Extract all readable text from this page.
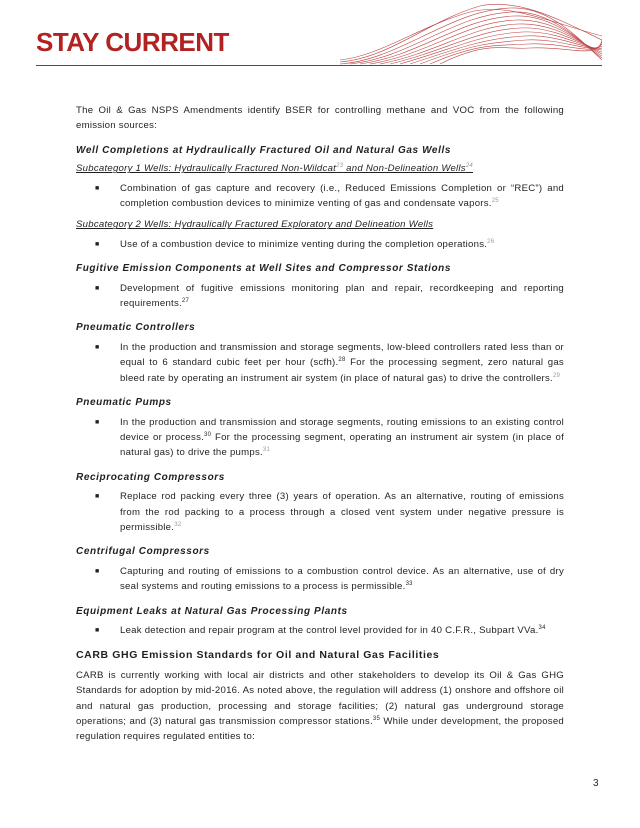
STAY CURRENT

The Oil & Gas NSPS Amendments identify BSER for controlling methane and VOC from the following emission sources:

Well Completions at Hydraulically Fractured Oil and Natural Gas Wells

Subcategory 1 Wells: Hydraulically Fractured Non-Wildcat$^{23}$ and Non-Delineation Wells$^{24}$

■	Combination of gas capture and recovery (i.e., Reduced Emissions Completion or “REC”) and completion combustion devices to minimize venting of gas and condensate vapors.$^{25}$

Subcategory 2 Wells: Hydraulically Fractured Exploratory and Delineation Wells

■	Use of a combustion device to minimize venting during the completion operations.$^{26}$

Fugitive Emission Components at Well Sites and Compressor Stations
■	Development of fugitive emissions monitoring plan and repair, recordkeeping and reporting requirements.$^{27}$

Pneumatic Controllers
■	In the production and transmission and storage segments, low-bleed controllers rated less than or equal to 6 standard cubic feet per hour (scfh).$^{28}$ For the processing segment, zero natural gas bleed rate by operating an instrument air system (in place of natural gas) to drive the controllers.$^{29}$

Pneumatic Pumps
■	In the production and transmission and storage segments, routing emissions to an existing control device or process.$^{30}$ For the processing segment, operating an instrument air system (in place of natural gas) to drive the pumps.$^{31}$

Reciprocating Compressors
■	Replace rod packing every three (3) years of operation. As an alternative, routing of emissions from the rod packing to a process through a closed vent system under negative pressure is permissible.$^{32}$

Centrifugal Compressors
■	Capturing and routing of emissions to a combustion control device. As an alternative, use of dry seal systems and routing emissions to a process is permissible.$^{33}$

Equipment Leaks at Natural Gas Processing Plants
■	Leak detection and repair program at the control level provided for in 40 C.F.R., Subpart VVa.$^{34}$

CARB GHG Emission Standards for Oil and Natural Gas Facilities

CARB is currently working with local air districts and other stakeholders to develop its Oil & Gas GHG Standards for adoption by mid-2016. As noted above, the regulation will address (1) onshore and offshore oil and natural gas production, processing and storage facilities; (2) natural gas underground storage operations; and (3) natural gas transmission compressor stations.$^{35}$ While under development, the proposed regulation requires regulated entities to:

3
